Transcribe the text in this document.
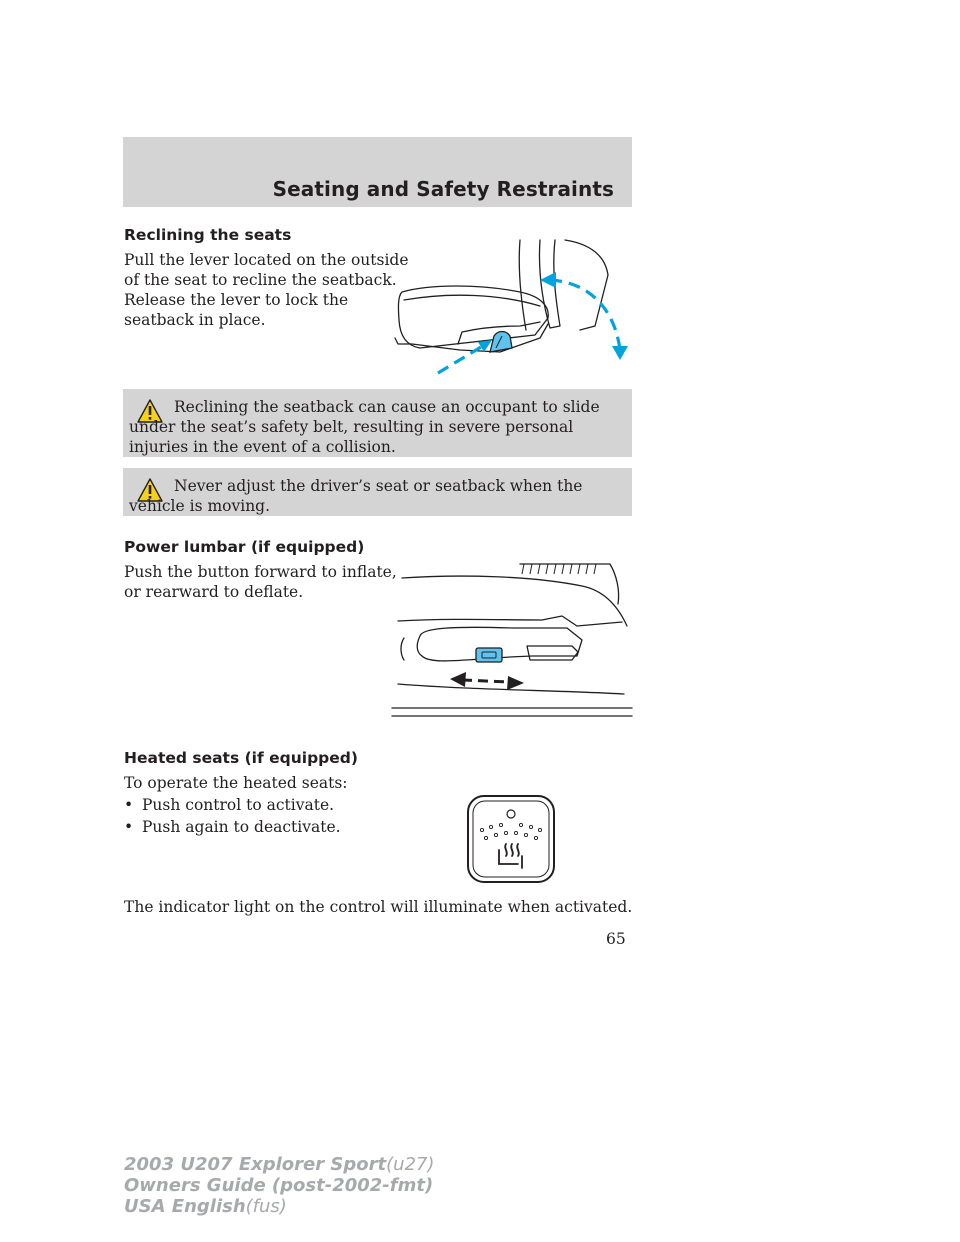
Seating and Safety Restraints
Reclining the seats
Pull the lever located on the outside
of the seat to recline the seatback.
Release the lever to lock the
seatback in place.
Reclining the seatback can cause an occupant to slide under the seat’s safety belt, resulting in severe personal injuries in the event of a collision.
Never adjust the driver’s seat or seatback when the vehicle is moving.
Power lumbar (if equipped)
Push the button forward to inflate,
or rearward to deflate.
Heated seats (if equipped)
To operate the heated seats:
• Push control to activate.
• Push again to deactivate.
The indicator light on the control will illuminate when activated.
65
2003 U207 Explorer Sport(u27)
Owners Guide (post-2002-fmt)
USA English(fus)
